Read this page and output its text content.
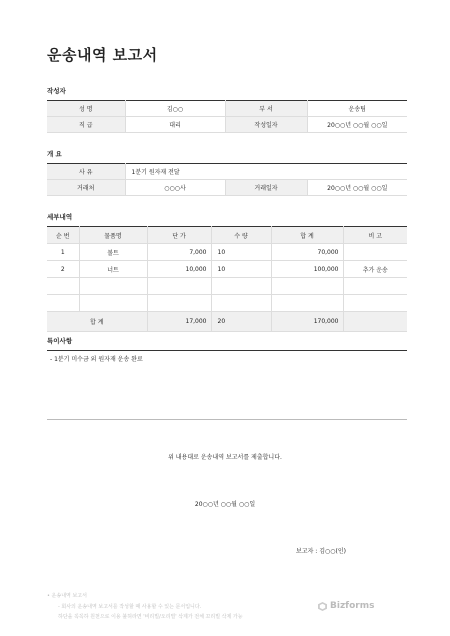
운송내역 보고서
작성자
성 명	김○○	부 서	운송팀
직 급	대리	작성일자	20○○년 ○○월 ○○일
개 요
사 유	1분기 원자재 전달		
거래처	○○○사	거래일자	20○○년 ○○월 ○○일
세부내역
순 번	물품명	단 가	수 량	합 계	비 고
1	볼트	7,000	10	70,000	
2	너트	10,000	10	100,000	추가 운송

합 계		17,000	20	170,000	
특이사항
- 1분기 미수금 외 원자재 운송 완료
위 내용대로 운송내역 보고서를 제출합니다.
20○○년 ○○월 ○○일
보고자 : 김○○(인)
• 운송내역 보고서
- 회사의 운송내역 보고서를 작성할 때 사용할 수 있는 문서입니다.
하단을 꼭꼭하 원천으로 이용 불허라면 '비리빌/오리빌' 삭제가 전체 꼬리빌 삭제 가능
Bizforms
